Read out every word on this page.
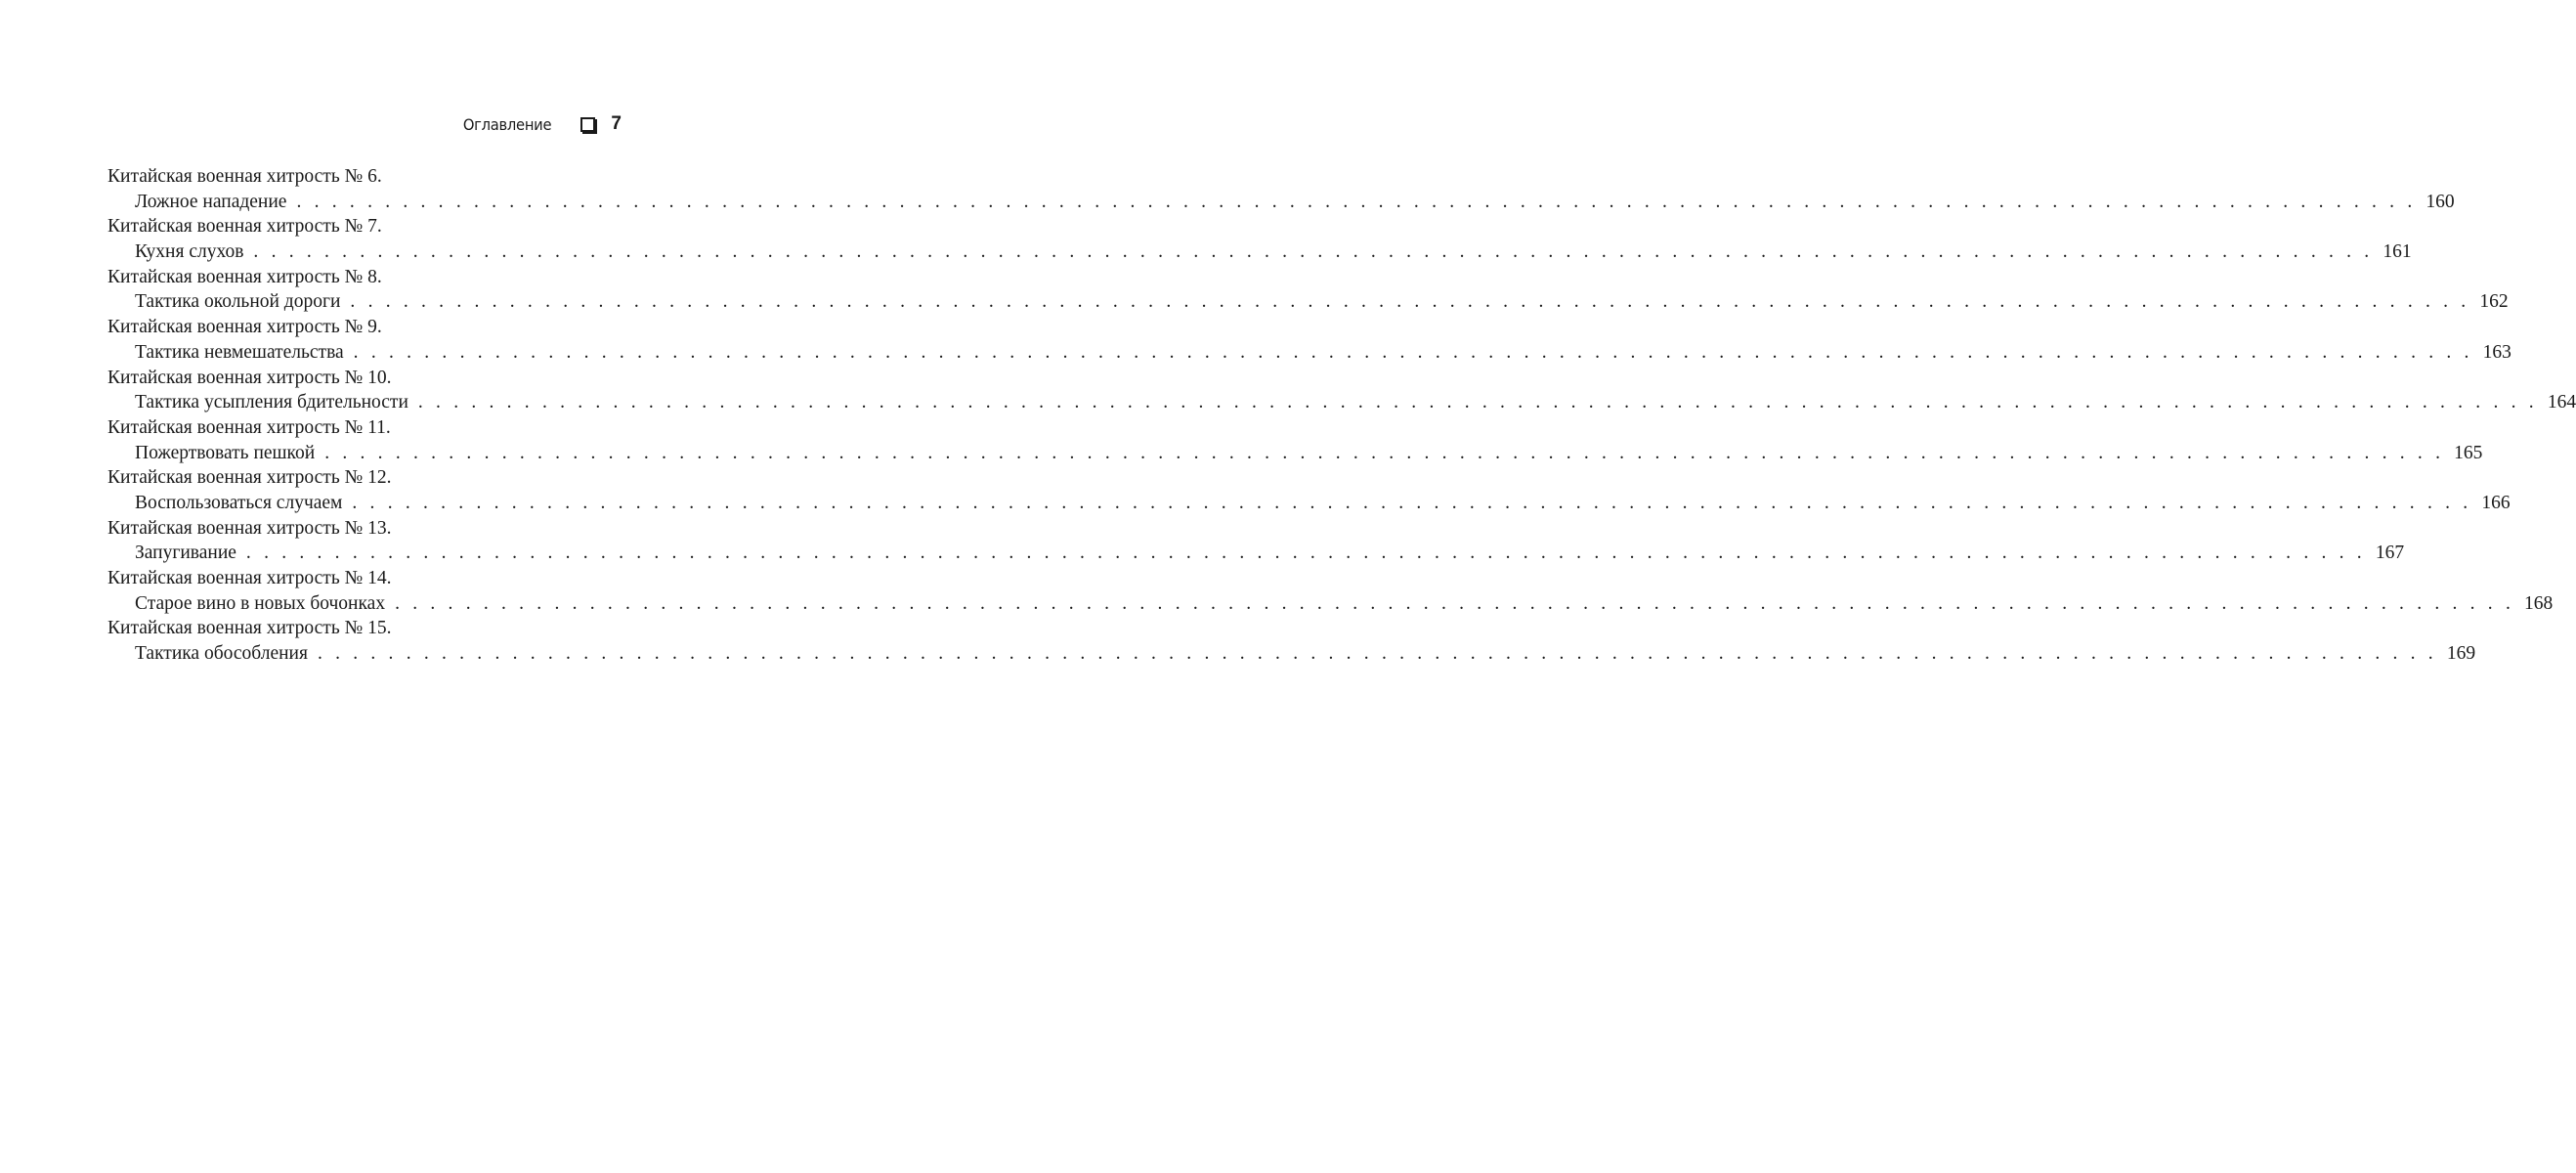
Оглавление	7
Китайская военная хитрость № 6.
Ложное нападение . . . . . . . . . . . . . . . . . . . . . . . . . . . . . . . . . . . . . . . . . . . . . . . . . . . . . . . . . . . . . . . . . . . . . . . . . . . . . . . . . . . . . . . . . . . . . . . . . . . . . . . . . . . . . . . . . . . . . . . . 160
Китайская военная хитрость № 7.
Кухня слухов . . . . . . . . . . . . . . . . . . . . . . . . . . . . . . . . . . . . . . . . . . . . . . . . . . . . . . . . . . . . . . . . . . . . . . . . . . . . . . . . . . . . . . . . . . . . . . . . . . . . . . . . . . . . . . . . . . . . . . . . 161
Китайская военная хитрость № 8.
Тактика окольной дороги . . . . . . . . . . . . . . . . . . . . . . . . . . . . . . . . . . . . . . . . . . . . . . . . . . . . . . . . . . . . . . . . . . . . . . . . . . . . . . . . . . . . . . . . . . . . . . . . . . . . . . . . . . . . . . . . . . . . . . . . 162
Китайская военная хитрость № 9.
Тактика невмешательства . . . . . . . . . . . . . . . . . . . . . . . . . . . . . . . . . . . . . . . . . . . . . . . . . . . . . . . . . . . . . . . . . . . . . . . . . . . . . . . . . . . . . . . . . . . . . . . . . . . . . . . . . . . . . . . . . . . . . . . . 163
Китайская военная хитрость № 10.
Тактика усыпления бдительности . . . . . . . . . . . . . . . . . . . . . . . . . . . . . . . . . . . . . . . . . . . . . . . . . . . . . . . . . . . . . . . . . . . . . . . . . . . . . . . . . . . . . . . . . . . . . . . . . . . . . . . . . . . . . . . . . . . . . . . . 164
Китайская военная хитрость № 11.
Пожертвовать пешкой . . . . . . . . . . . . . . . . . . . . . . . . . . . . . . . . . . . . . . . . . . . . . . . . . . . . . . . . . . . . . . . . . . . . . . . . . . . . . . . . . . . . . . . . . . . . . . . . . . . . . . . . . . . . . . . . . . . . . . . . 165
Китайская военная хитрость № 12.
Воспользоваться случаем . . . . . . . . . . . . . . . . . . . . . . . . . . . . . . . . . . . . . . . . . . . . . . . . . . . . . . . . . . . . . . . . . . . . . . . . . . . . . . . . . . . . . . . . . . . . . . . . . . . . . . . . . . . . . . . . . . . . . . . . 166
Китайская военная хитрость № 13.
Запугивание . . . . . . . . . . . . . . . . . . . . . . . . . . . . . . . . . . . . . . . . . . . . . . . . . . . . . . . . . . . . . . . . . . . . . . . . . . . . . . . . . . . . . . . . . . . . . . . . . . . . . . . . . . . . . . . . . . . . . . . . 167
Китайская военная хитрость № 14.
Старое вино в новых бочонках . . . . . . . . . . . . . . . . . . . . . . . . . . . . . . . . . . . . . . . . . . . . . . . . . . . . . . . . . . . . . . . . . . . . . . . . . . . . . . . . . . . . . . . . . . . . . . . . . . . . . . . . . . . . . . . . . . . . . . . . 168
Китайская военная хитрость № 15.
Тактика обособления . . . . . . . . . . . . . . . . . . . . . . . . . . . . . . . . . . . . . . . . . . . . . . . . . . . . . . . . . . . . . . . . . . . . . . . . . . . . . . . . . . . . . . . . . . . . . . . . . . . . . . . . . . . . . . . . . . . . . . . . 169
